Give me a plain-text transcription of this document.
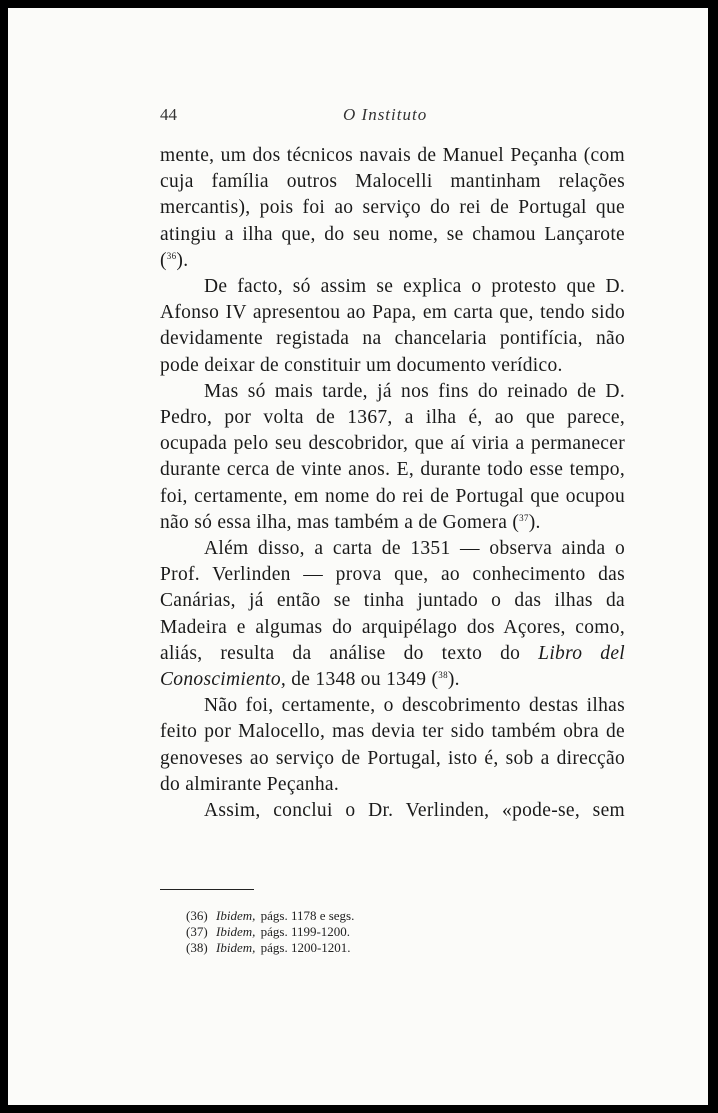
44	O Instituto

mente, um dos técnicos navais de Manuel Peçanha (com cuja família outros Malocelli mantinham relações mercantis), pois foi ao serviço do rei de Portugal que atingiu a ilha que, do seu nome, se chamou Lançarote ($^{36}$).

De facto, só assim se explica o protesto que D. Afonso IV apresentou ao Papa, em carta que, tendo sido devidamente registada na chancelaria pontifícia, não pode deixar de constituir um documento verídico.

Mas só mais tarde, já nos fins do reinado de D. Pedro, por volta de 1367, a ilha é, ao que parece, ocupada pelo seu descobridor, que aí viria a permanecer durante cerca de vinte anos. E, durante todo esse tempo, foi, certamente, em nome do rei de Portugal que ocupou não só essa ilha, mas também a de Gomera ($^{37}$).

Além disso, a carta de 1351 — observa ainda o Prof. Verlinden — prova que, ao conhecimento das Canárias, já então se tinha juntado o das ilhas da Madeira e algumas do arquipélago dos Açores, como, aliás, resulta da análise do texto do Libro del Conoscimiento, de 1348 ou 1349 ($^{38}$).

Não foi, certamente, o descobrimento destas ilhas feito por Malocello, mas devia ter sido também obra de genoveses ao serviço de Portugal, isto é, sob a direcção do almirante Peçanha.

Assim, conclui o Dr. Verlinden, «pode-se, sem

(36) Ibidem, págs. 1178 e segs.
(37) Ibidem, págs. 1199-1200.
(38) Ibidem, págs. 1200-1201.
